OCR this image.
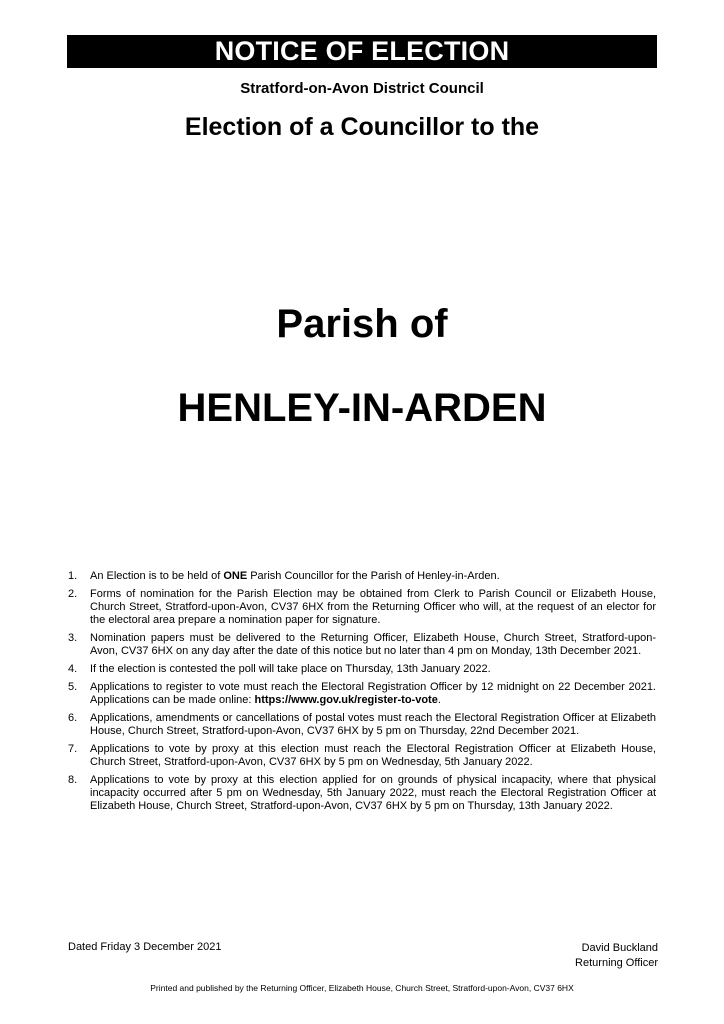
NOTICE OF ELECTION
Stratford-on-Avon District Council
Election of a Councillor to the
Parish of
HENLEY-IN-ARDEN
1.	An Election is to be held of ONE Parish Councillor for the Parish of Henley-in-Arden.
2.	Forms of nomination for the Parish Election may be obtained from Clerk to Parish Council or Elizabeth House, Church Street, Stratford-upon-Avon, CV37 6HX from the Returning Officer who will, at the request of an elector for the electoral area prepare a nomination paper for signature.
3.	Nomination papers must be delivered to the Returning Officer, Elizabeth House, Church Street, Stratford-upon-Avon, CV37 6HX on any day after the date of this notice but no later than 4 pm on Monday, 13th December 2021.
4.	If the election is contested the poll will take place on Thursday, 13th January 2022.
5.	Applications to register to vote must reach the Electoral Registration Officer by 12 midnight on 22 December 2021. Applications can be made online: https://www.gov.uk/register-to-vote.
6.	Applications, amendments or cancellations of postal votes must reach the Electoral Registration Officer at Elizabeth House, Church Street, Stratford-upon-Avon, CV37 6HX by 5 pm on Thursday, 22nd December 2021.
7.	Applications to vote by proxy at this election must reach the Electoral Registration Officer at Elizabeth House, Church Street, Stratford-upon-Avon, CV37 6HX by 5 pm on Wednesday, 5th January 2022.
8.	Applications to vote by proxy at this election applied for on grounds of physical incapacity, where that physical incapacity occurred after 5 pm on Wednesday, 5th January 2022, must reach the Electoral Registration Officer at Elizabeth House, Church Street, Stratford-upon-Avon, CV37 6HX by 5 pm on Thursday, 13th January 2022.
Dated Friday 3 December 2021	David Buckland
Returning Officer
Printed and published by the Returning Officer, Elizabeth House, Church Street, Stratford-upon-Avon, CV37 6HX
